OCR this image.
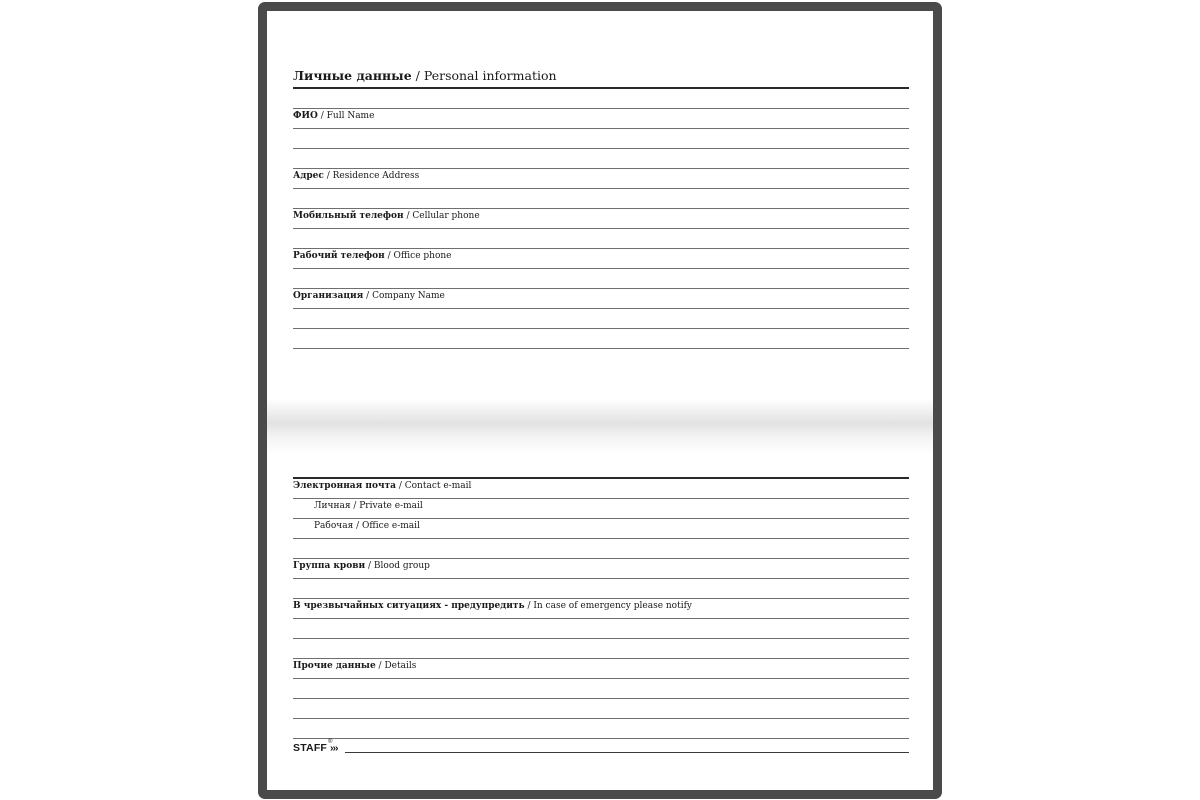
Личные данные / Personal information
ФИО / Full Name
Адрес / Residence Address
Мобильный телефон / Cellular phone
Рабочий телефон / Office phone
Организация / Company Name
Электронная почта / Contact e-mail
Личная / Private e-mail
Рабочая / Office e-mail
Группа крови / Blood group
В чрезвычайных ситуациях - предупредить / In case of emergency please notify
Прочие данные / Details
STAFF ®
›››
